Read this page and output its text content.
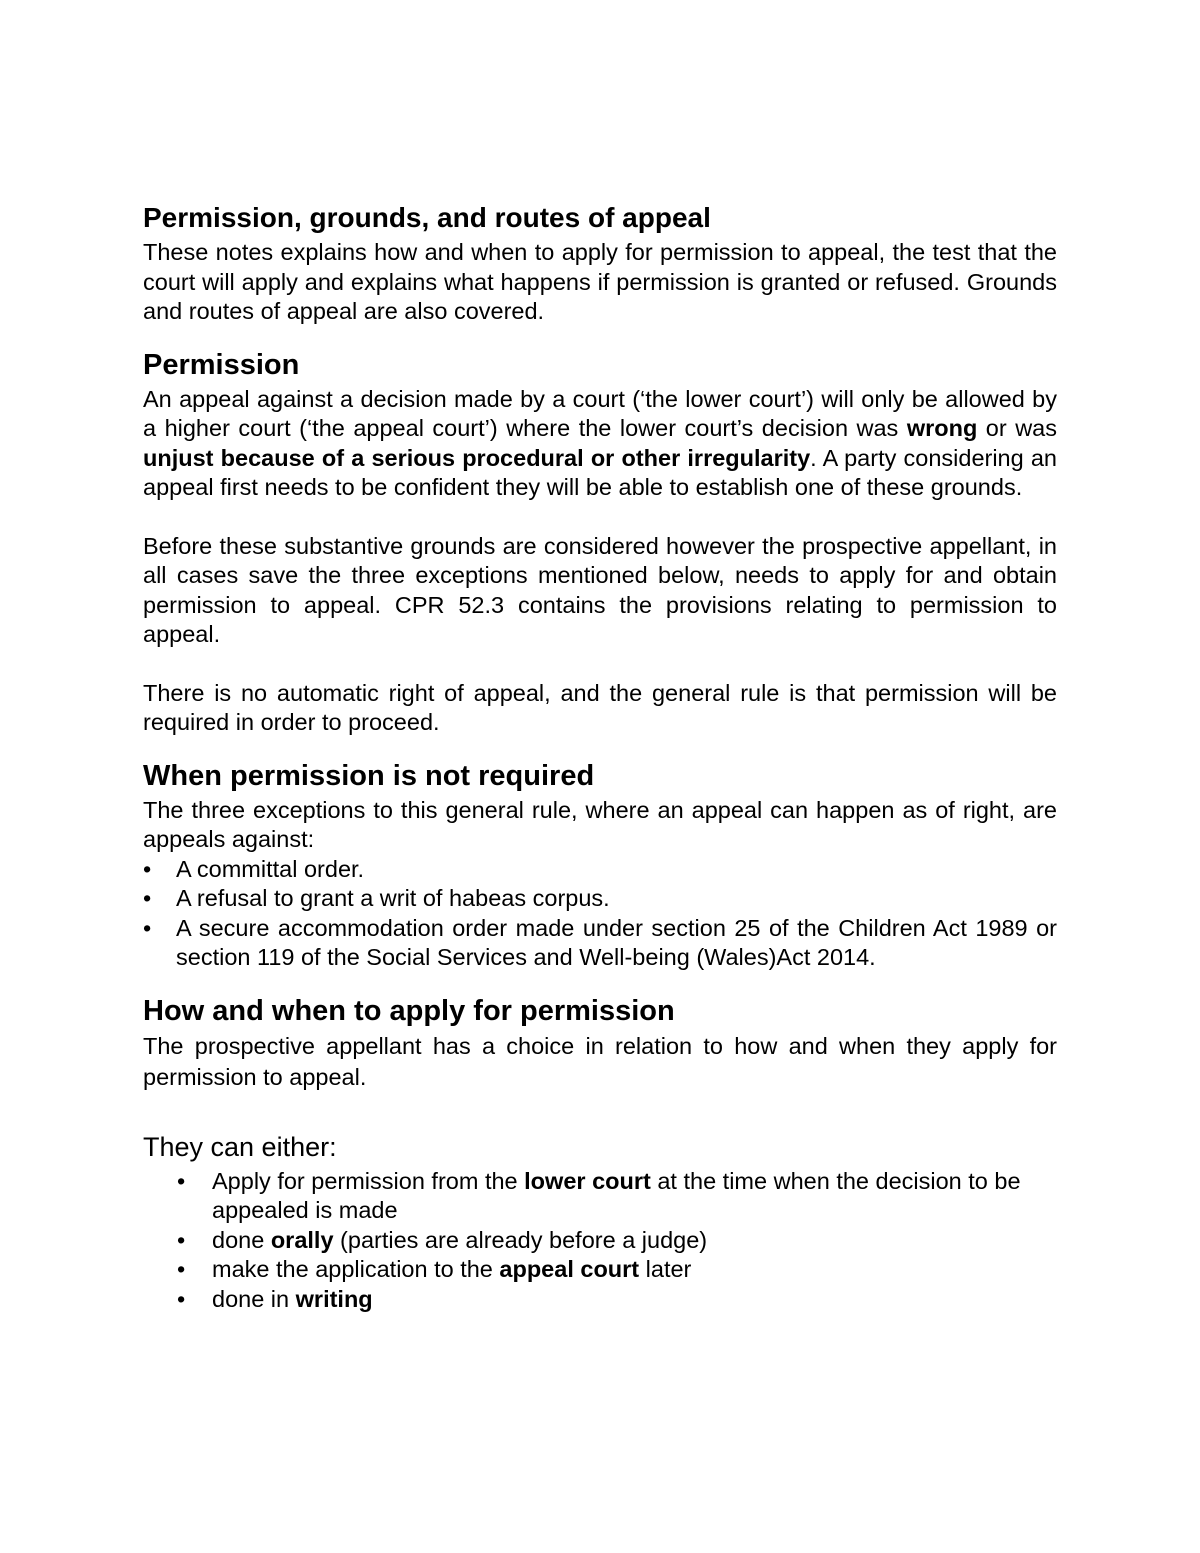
Permission, grounds, and routes of appeal

These notes explains how and when to apply for permission to appeal, the test that the court will apply and explains what happens if permission is granted or refused. Grounds and routes of appeal are also covered.

Permission

An appeal against a decision made by a court (‘the lower court’) will only be allowed by a higher court (‘the appeal court’) where the lower court’s decision was wrong or was unjust because of a serious procedural or other irregularity. A party considering an appeal first needs to be confident they will be able to establish one of these grounds.

Before these substantive grounds are considered however the prospective appellant, in all cases save the three exceptions mentioned below, needs to apply for and obtain permission to appeal. CPR 52.3 contains the provisions relating to permission to appeal.

There is no automatic right of appeal, and the general rule is that permission will be required in order to proceed.

When permission is not required

The three exceptions to this general rule, where an appeal can happen as of right, are appeals against:

• A committal order.
• A refusal to grant a writ of habeas corpus.
• A secure accommodation order made under section 25 of the Children Act 1989 or section 119 of the Social Services and Well-being (Wales)Act 2014.
How and when to apply for permission

The prospective appellant has a choice in relation to how and when they apply for permission to appeal.

They can either:
• Apply for permission from the lower court at the time when the decision to be appealed is made
• done orally (parties are already before a judge)
• make the application to the appeal court later
• done in writing
